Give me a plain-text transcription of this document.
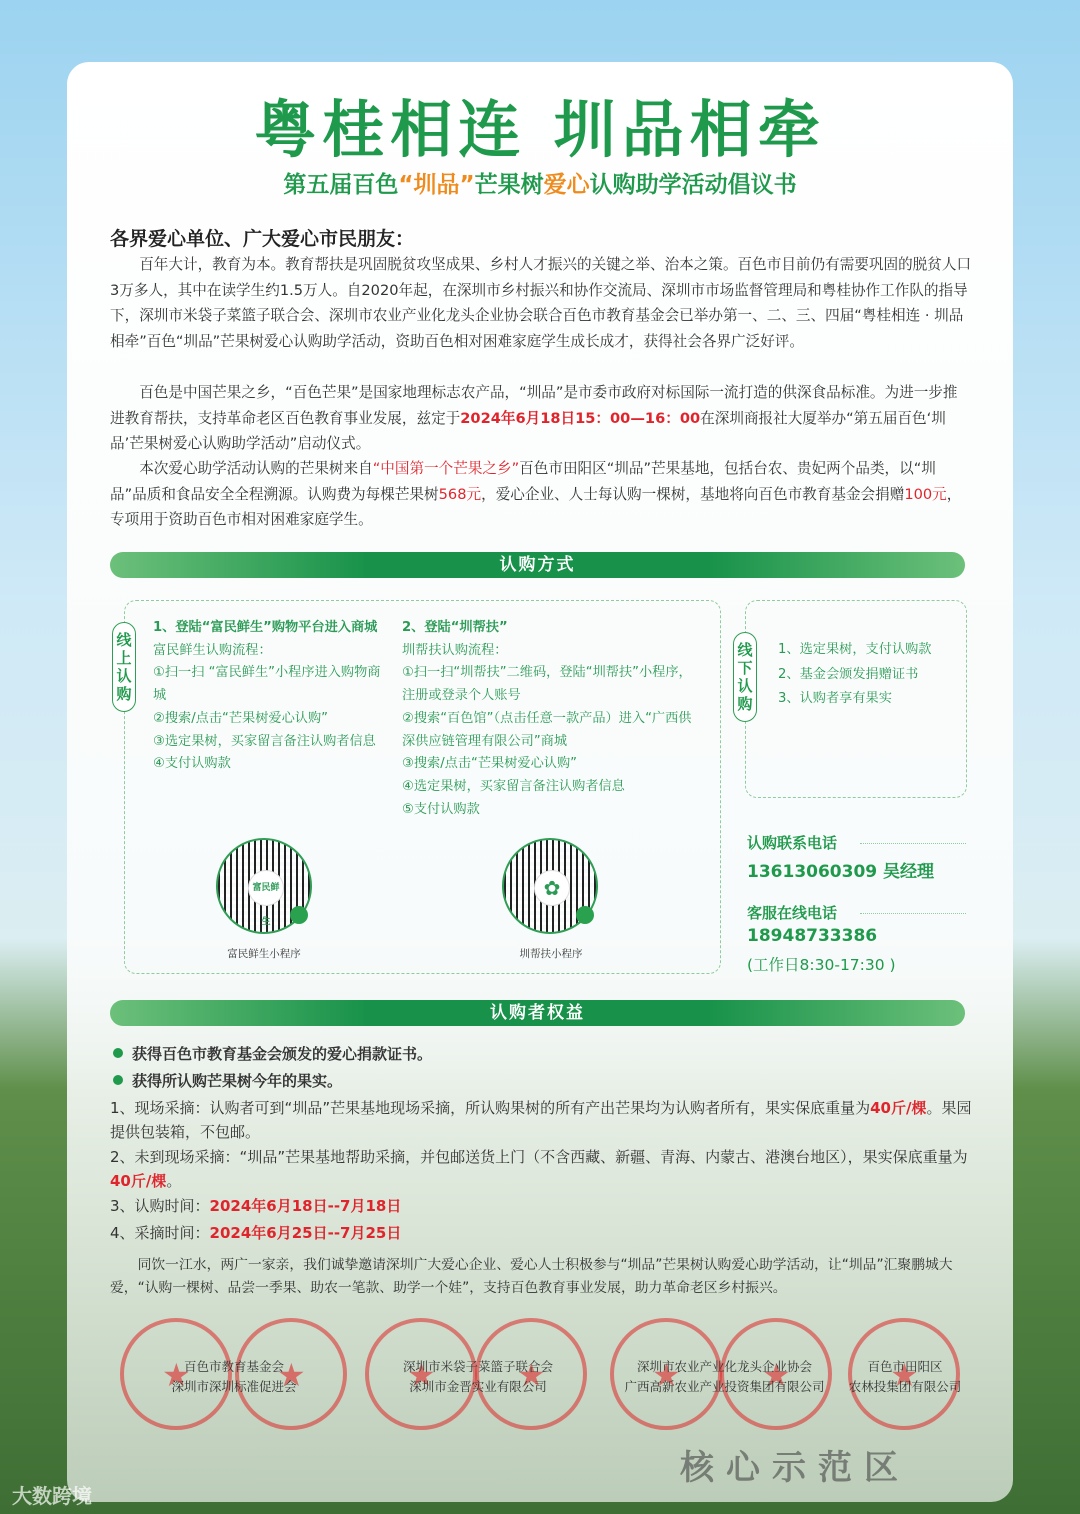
粤桂相连 圳品相牵
第五届百色“圳品”芒果树爱心认购助学活动倡议书
各界爱心单位、广大爱心市民朋友：
百年大计，教育为本。教育帮扶是巩固脱贫攻坚成果、乡村人才振兴的关键之举、治本之策。百色市目前仍有需要巩固的脱贫人口3万多人，其中在读学生约1.5万人。自2020年起，在深圳市乡村振兴和协作交流局、深圳市市场监督管理局和粤桂协作工作队的指导下，深圳市米袋子菜篮子联合会、深圳市农业产业化龙头企业协会联合百色市教育基金会已举办第一、二、三、四届“粤桂相连 · 圳品相牵”百色“圳品”芒果树爱心认购助学活动，资助百色相对困难家庭学生成长成才，获得社会各界广泛好评。
百色是中国芒果之乡，“百色芒果”是国家地理标志农产品，“圳品”是市委市政府对标国际一流打造的供深食品标准。为进一步推进教育帮扶，支持革命老区百色教育事业发展，兹定于2024年6月18日15：00—16：00在深圳商报社大厦举办“第五届百色‘圳品’芒果树爱心认购助学活动”启动仪式。
本次爱心助学活动认购的芒果树来自“中国第一个芒果之乡”百色市田阳区“圳品”芒果基地，包括台农、贵妃两个品类，以“圳品”品质和食品安全全程溯源。认购费为每棵芒果树568元，爱心企业、人士每认购一棵树，基地将向百色市教育基金会捐赠100元，专项用于资助百色市相对困难家庭学生。
认购方式
线上认购
1、登陆“富民鲜生”购物平台进入商城
富民鲜生认购流程：
①扫一扫 “富民鲜生”小程序进入购物商城
②搜索/点击“芒果树爱心认购”
③选定果树，买家留言备注认购者信息
④支付认购款
2、登陆“圳帮扶”
圳帮扶认购流程：
①扫一扫“圳帮扶”二维码，登陆“圳帮扶”小程序，注册或登录个人账号
②搜索“百色馆”（点击任意一款产品）进入“广西供深供应链管理有限公司”商城
③搜索/点击“芒果树爱心认购”
④选定果树，买家留言备注认购者信息
⑤支付认购款
富民鲜生
富民鲜生小程序
✿
圳帮扶小程序
线下认购
1、选定果树，支付认购款
2、基金会颁发捐赠证书
3、认购者享有果实
认购联系电话
13613060309 吴经理
客服在线电话
18948733386
(工作日8:30-17:30 )
认购者权益
获得百色市教育基金会颁发的爱心捐款证书。
获得所认购芒果树今年的果实。
1、现场采摘：认购者可到“圳品”芒果基地现场采摘，所认购果树的所有产出芒果均为认购者所有，果实保底重量为40斤/棵。果园提供包装箱，不包邮。
2、未到现场采摘：“圳品”芒果基地帮助采摘，并包邮送货上门（不含西藏、新疆、青海、内蒙古、港澳台地区），果实保底重量为40斤/棵。
3、认购时间：2024年6月18日--7月18日
4、采摘时间：2024年6月25日--7月25日
同饮一江水，两广一家亲，我们诚挚邀请深圳广大爱心企业、爱心人士积极参与“圳品”芒果树认购爱心助学活动，让“圳品”汇聚鹏城大爱，“认购一棵树、品尝一季果、助农一笔款、助学一个娃”，支持百色教育事业发展，助力革命老区乡村振兴。
★
★
★
★
★
★
★
百色市教育基金会
深圳市深圳标准促进会
深圳市米袋子菜篮子联合会
深圳市金晋实业有限公司
深圳市农业产业化龙头企业协会
广西高新农业产业投资集团有限公司
百色市田阳区
农林投集团有限公司
核心示范区
大数跨境
